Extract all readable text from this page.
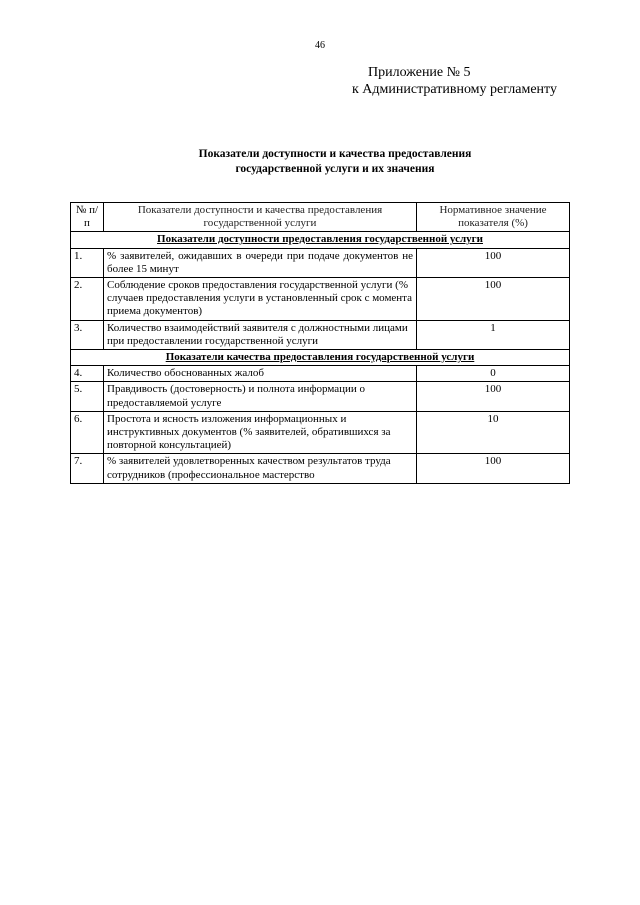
46
Приложение № 5
к Административному регламенту
Показатели доступности и качества предоставления
государственной услуги и их значения
№ п/п	Показатели доступности и качества предоставления государственной услуги	Нормативное значение показателя (%)
Показатели доступности предоставления государственной услуги		
1.	% заявителей, ожидавших в очереди при подаче документов не более 15 минут	100
2.	Соблюдение сроков предоставления государственной услуги (% случаев предоставления услуги в установленный срок с момента приема документов)	100
3.	Количество взаимодействий заявителя с должностными лицами при предоставлении государственной услуги	1
Показатели качества предоставления государственной услуги		
4.	Количество обоснованных жалоб	0
5.	Правдивость (достоверность) и полнота информации о предоставляемой услуге	100
6.	Простота и ясность изложения информационных и инструктивных документов (% заявителей, обратившихся за повторной консультацией)	10
7.	% заявителей удовлетворенных качеством результатов труда сотрудников (профессиональное мастерство	100
